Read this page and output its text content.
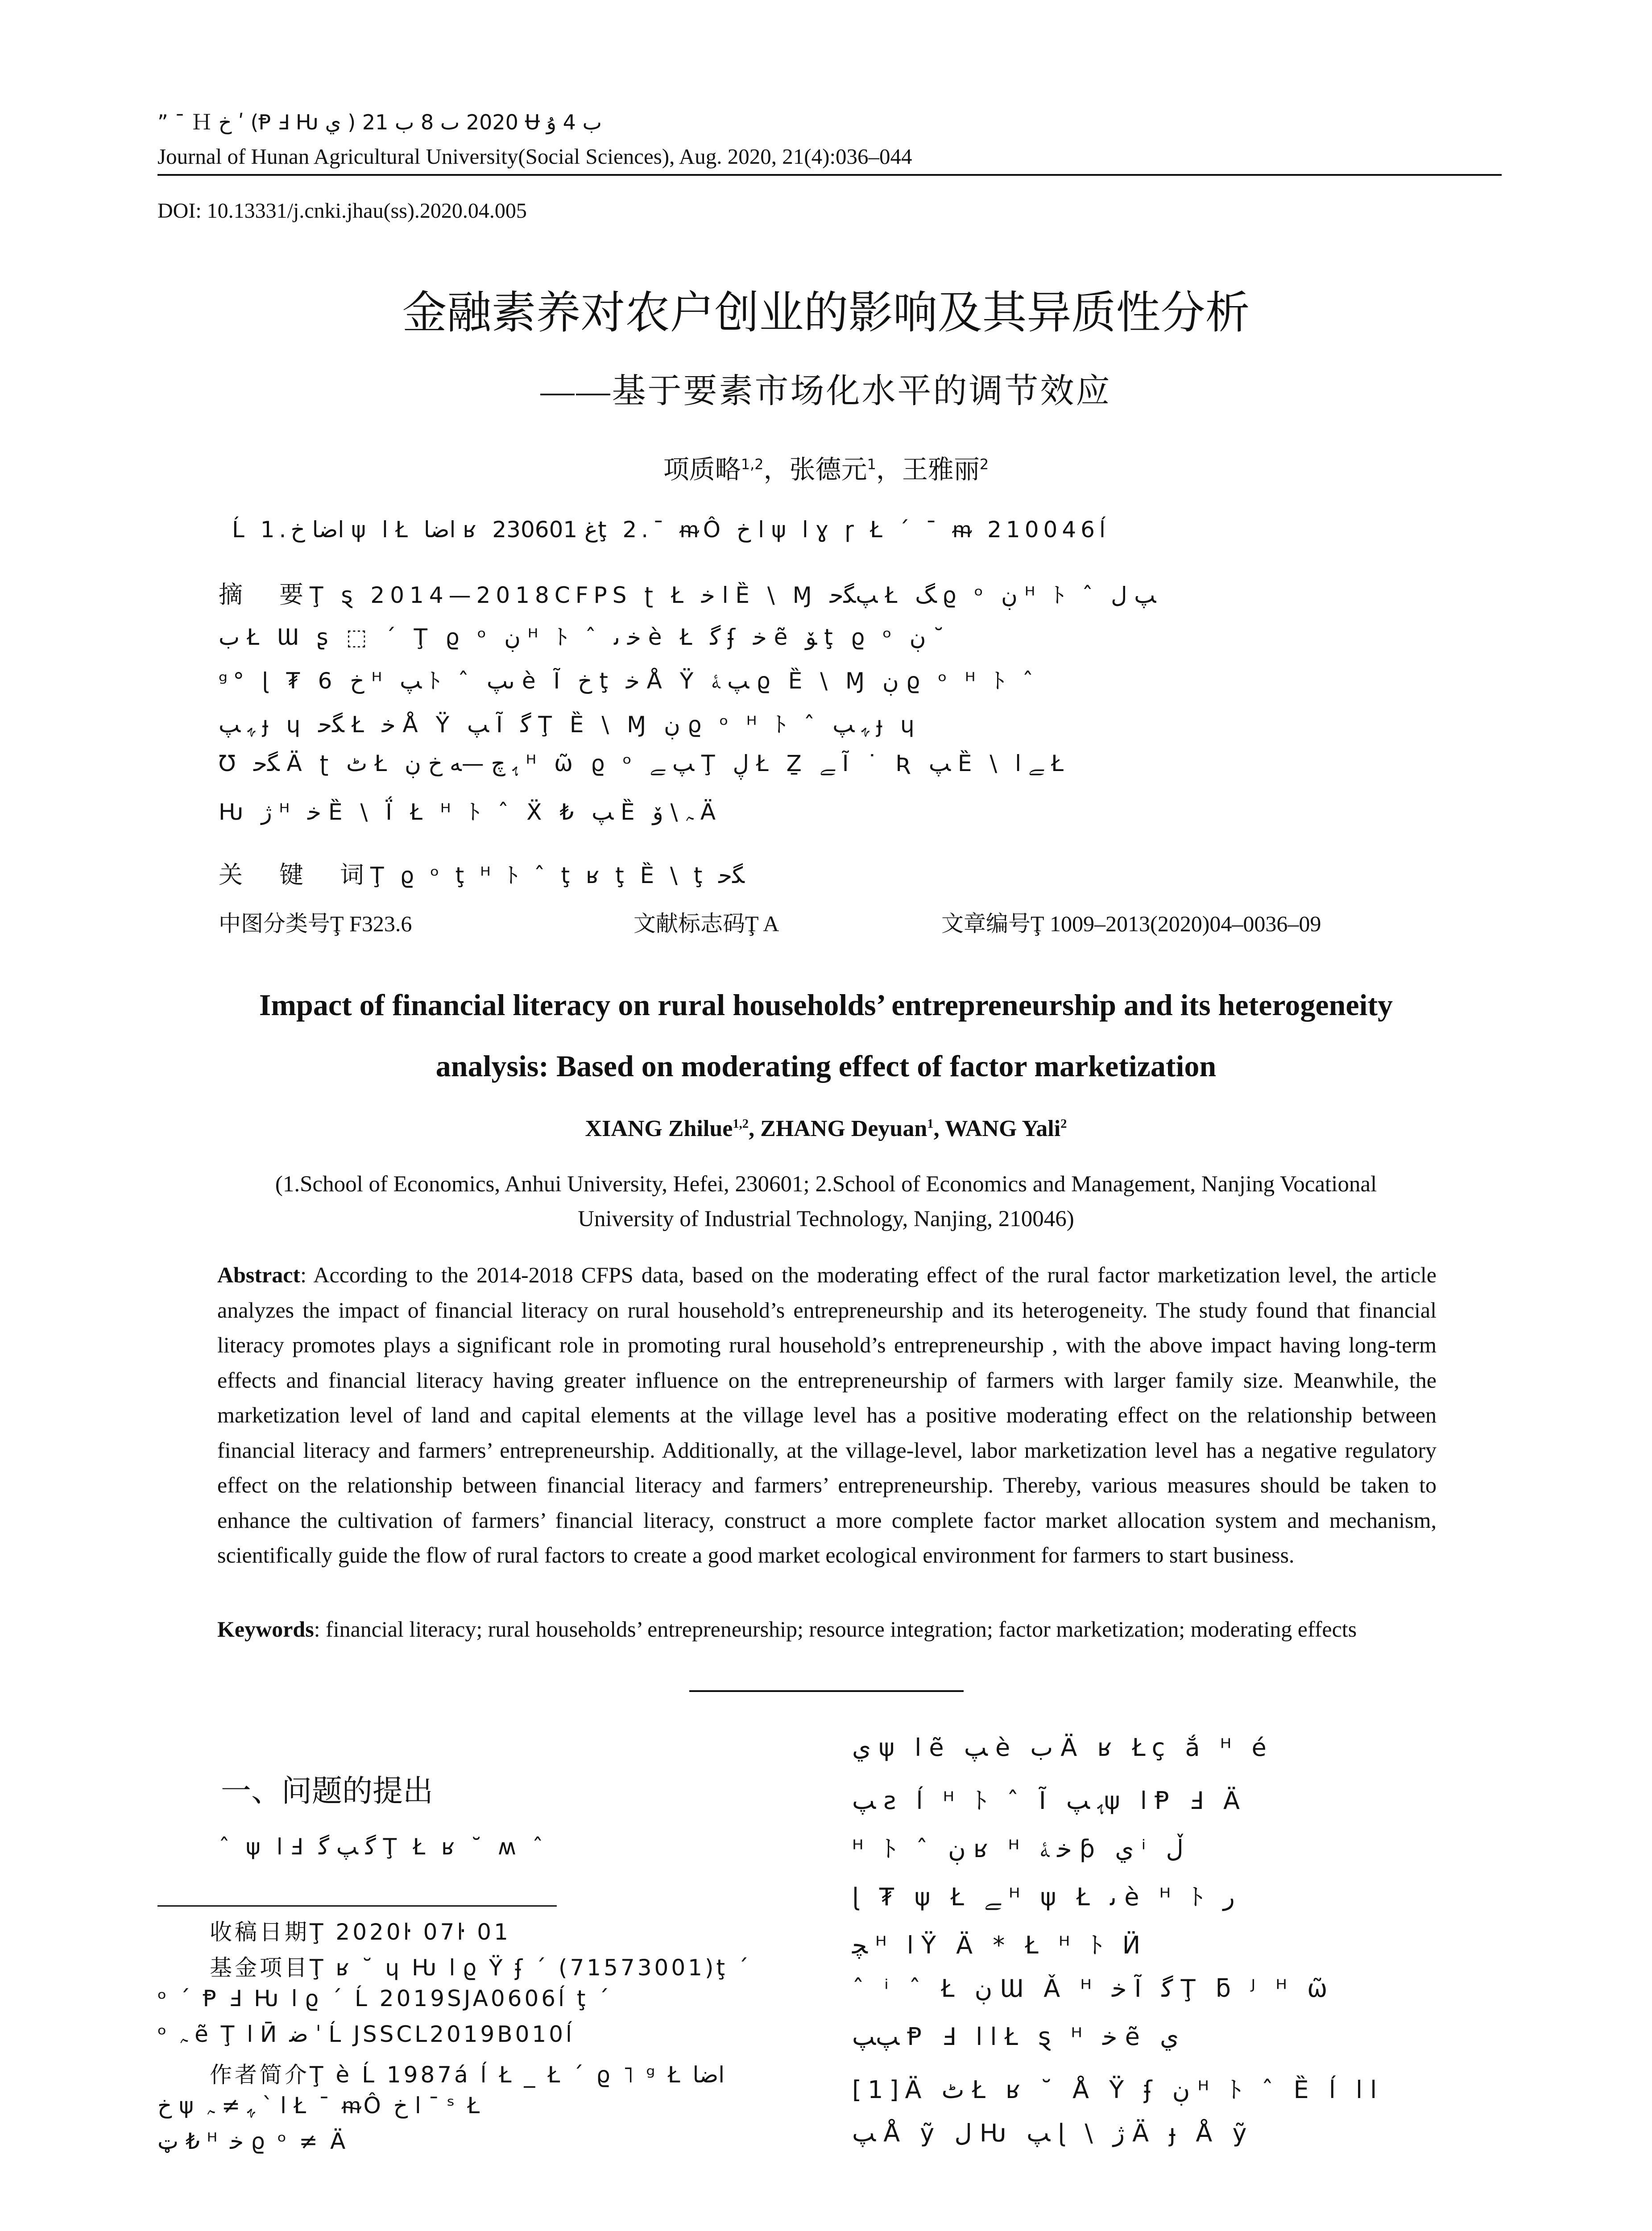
” ¯ Ｈ خ ʹ (Ᵽ Ⅎ Ƕ ي ) 2020 ٮ 8 ب 21 Ʉ ب 4 ۇ
Journal of Hunan Agricultural University(Social Sciences), Aug. 2020, 21(4):036–044
DOI: 10.13331/j.cnki.jhau(ss).2020.04.005
金融素养对农户创业的影响及其异质性分析
——基于要素市场化水平的调节效应
项质略$^{1,2}$，张德元$^1$，王雅丽$^2$
Ĺ 1.ﺍﺿﺎ خ ψ ﺍ Ł ﺍﺿﺎ ʁ ﻍ 230601ţ 2.¯ ᵯÔ ﺍ خ ψ ﺍ ɣ ɼ Ł ´ ¯ ᵯ 210046ĺ
摘　要Ţ ȿ 2014—2018CFPS ʈ Ł ﺍ ﺧ Ȅ \ Ɱ ﭗﮕﺣ Ł ﮓ ϱ ᵒ ڹ ᴴ ﾄ ˆ ﭗ ﻝ
ﺏ Ł Ɯ ʂ ⬚ ´ Ţ ϱ ᵒ ڹ ᴴ ﾄ ˆ ﺧ ﯨ è Ł ﮔ ʄ ﺧ ẽ ﯚ ţ ϱ ᵒ ڹ ˘
ᵍ° ɭ ₮ 6 خ ᴴ ﭗ ﾄ ˆ ﯨﭗ è Ĩ خ ţ ﺧ Å Ÿ ﭗ ﮥ ϱ Ȅ \ Ɱ ڹ ϱ ᵒ ᴴ ﾄ ˆ
ﮩ ﭗ ɟ ɥ ﮕﺣ Ł ﺧ Å Ÿ ﭗ Ĩ ﮔ Ţ Ȅ \ Ɱ ڹ ϱ ᵒ ᴴ ﾄ ˆ ﮩ ﭗ ɟ ɥ
Ʊ ﮕﺣ Ä ʈ ٹ Ł ﮨ ﭺ —ﻪ خ ڹ ᴴ ω̃ ϱ ᵒ ﭗ ﮯ Ţ ڸ Ł Ẕ ﮯ Ĩ ˙ Ʀ ﭗ Ȅ \ ﮯ ﺍ Ł
Ƕ ژ ᴴ ﺧ Ȅ \ Ḯ Ł ᴴ ﾄ ˆ Ẍ ₺ ﭗ Ȅ ﮧ \ ﯙ Ä
关　键　词Ţ ϱ ᵒ ţ ᴴ ﾄ ˆ ţ ʁ ţ Ȅ \ ţ ﮕﺣ
中图分类号Ţ F323.6	文献标志码Ţ A	文章编号Ţ 1009–2013(2020)04–0036–09
Impact of financial literacy on rural households’ entrepreneurship and its heterogeneity
analysis: Based on moderating effect of factor marketization
XIANG Zhilue$^{1,2}$, ZHANG Deyuan$^1$, WANG Yali$^2$
(1.School of Economics, Anhui University, Hefei, 230601; 2.School of Economics and Management, Nanjing Vocational
University of Industrial Technology, Nanjing, 210046)
Abstract: According to the 2014-2018 CFPS data, based on the moderating effect of the rural factor marketization level, the article analyzes the impact of financial literacy on rural household’s entrepreneurship and its heterogeneity. The study found that financial literacy promotes plays a significant role in promoting rural household’s entrepreneurship , with the above impact having long-term effects and financial literacy having greater influence on the entrepreneurship of farmers with larger family size. Meanwhile, the marketization level of land and capital elements at the village level has a positive moderating effect on the relationship between financial literacy and farmers’ entrepreneurship. Additionally, at the village-level, labor marketization level has a negative regulatory effect on the relationship between financial literacy and farmers’ entrepreneurship. Thereby, various measures should be taken to enhance the cultivation of farmers’ financial literacy, construct a more complete factor market allocation system and mechanism, scientifically guide the flow of rural factors to create a good market ecological environment for farmers to start business.
Keywords: financial literacy; rural households’ entrepreneurship; resource integration; factor marketization; moderating effects
一、问题的提出
ˆ ψ ﺍ Ⅎ ﮔ ﭗ ﮔ Ţ Ł ʁ ˘ ʍ ˆ
收稿日期Ţ 2020ŀ 07ŀ 01
基金项目Ţ ʁ ˘ ɥ Ƕ ﺍ ϱ Ÿ ʄ ´ (71573001)ţ ´
ᵒ ´ Ᵽ Ⅎ Ƕ ﺍ ϱ ´ Ĺ 2019SJA0606ĺ ţ ´
ᵒ ﮧ ẽ Ţ ﺍ Ӣ ﺿ ˈ Ĺ JSSCL2019B010ĺ
作者简介Ţ è Ĺ 1987á ĺ Ł _ Ł ´ ϱ ˥ ᵍ Ł ﺍﺿﺎ
خ ψ ﺍ ` ﮩ ≠ ﮧ Ł ¯ ᵯÔ ﺍ خ ¯ ˢ Ł
ټ ₺ ᴴ ﺧ ϱ ᵒ ≠ Ä
ي ψ ﺍ ẽ ﭗ è ب Ä ʁ Łç ắ ᴴ é
ﭗ ƨ ĺ ᴴ ﾄ ˆ Ĩ ﮨ ﭗψ ﺍ Ᵽ Ⅎ Ä
ᴴ ﾄ ˆ ڹ ʁ ᴴ ﺧ ﮥ ƥ ي ⁱ ڵ
ɭ ₮ ψ Ł ﮯ ᴴ ψ Ł ﯨ è ᴴ ﾄ ﺭ
ﭽ ᴴ ﺍ Ÿ Ä * Ł ᴴ ﾄ Ӥ
ˆ ⁱ ˆ Ł ڹ Ɯ Ǎ ᴴ ﺧ Ĩ ﮔ Ţ ƃ ᴶ ᴴ ω̃
ﭗﭗ Ᵽ Ⅎ ﺍ ﺍ Ł ȿ ᴴ ﺧ ẽ ي
[1]Ä ٹ Ł ʁ ˘ Å Ÿ ʄ ڹ ᴴ ﾄ ˆ Ȅ ĺ ﺍ ﺍ
ﭗ Å ỹ ﻝ Ƕ ﭗ ɭ \ ژ Ä ɟ Å ỹ
